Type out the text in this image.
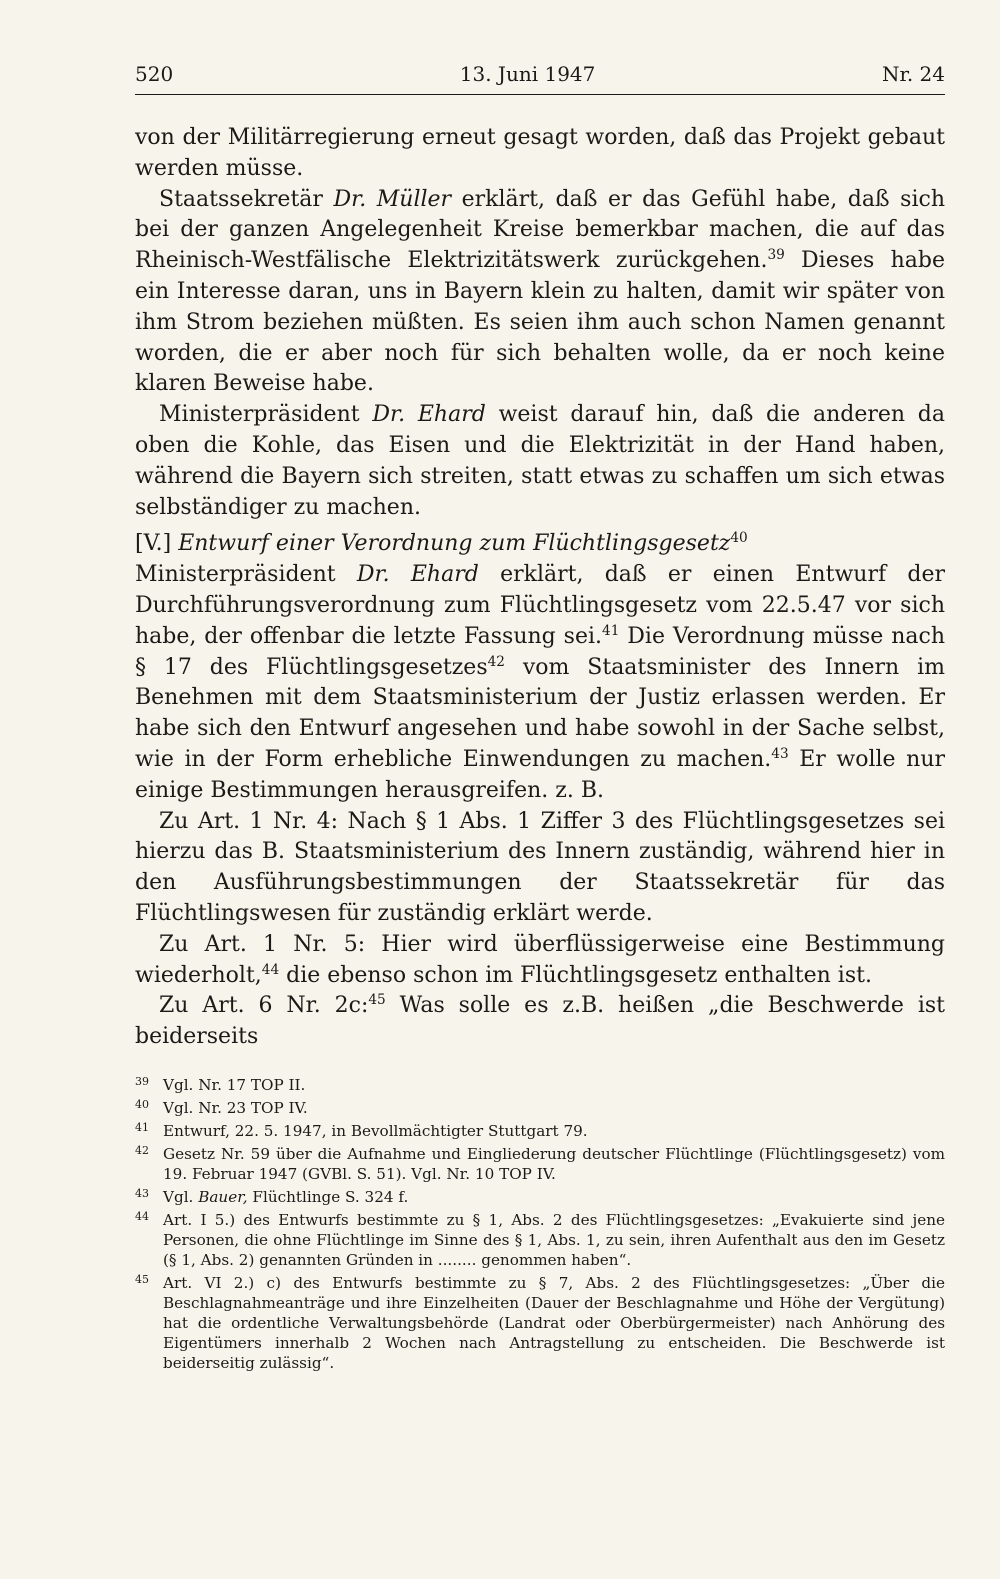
520	13. Juni 1947	Nr. 24

von der Militärregierung erneut gesagt worden, daß das Projekt gebaut werden müsse.

Staatssekretär Dr. Müller erklärt, daß er das Gefühl habe, daß sich bei der ganzen Angelegenheit Kreise bemerkbar machen, die auf das Rheinisch-Westfälische Elektrizitätswerk zurückgehen.$^{39}$ Dieses habe ein Interesse daran, uns in Bayern klein zu halten, damit wir später von ihm Strom beziehen müßten. Es seien ihm auch schon Namen genannt worden, die er aber noch für sich behalten wolle, da er noch keine klaren Beweise habe.

Ministerpräsident Dr. Ehard weist darauf hin, daß die anderen da oben die Kohle, das Eisen und die Elektrizität in der Hand haben, während die Bayern sich streiten, statt etwas zu schaffen um sich etwas selbständiger zu machen.

[V.] Entwurf einer Verordnung zum Flüchtlingsgesetz$^{40}$

Ministerpräsident Dr. Ehard erklärt, daß er einen Entwurf der Durchführungsverordnung zum Flüchtlingsgesetz vom 22.5.47 vor sich habe, der offenbar die letzte Fassung sei.$^{41}$ Die Verordnung müsse nach § 17 des Flüchtlingsgesetzes$^{42}$ vom Staatsminister des Innern im Benehmen mit dem Staatsministerium der Justiz erlassen werden. Er habe sich den Entwurf angesehen und habe sowohl in der Sache selbst, wie in der Form erhebliche Einwendungen zu machen.$^{43}$ Er wolle nur einige Bestimmungen herausgreifen. z. B.

Zu Art. 1 Nr. 4: Nach § 1 Abs. 1 Ziffer 3 des Flüchtlingsgesetzes sei hierzu das B. Staatsministerium des Innern zuständig, während hier in den Ausführungsbestimmungen der Staatssekretär für das Flüchtlingswesen für zuständig erklärt werde.

Zu Art. 1 Nr. 5: Hier wird überflüssigerweise eine Bestimmung wiederholt,$^{44}$ die ebenso schon im Flüchtlingsgesetz enthalten ist.

Zu Art. 6 Nr. 2c:$^{45}$ Was solle es z.B. heißen „die Beschwerde ist beiderseits

39 Vgl. Nr. 17 TOP II.
40 Vgl. Nr. 23 TOP IV.
41 Entwurf, 22. 5. 1947, in Bevollmächtigter Stuttgart 79.
42 Gesetz Nr. 59 über die Aufnahme und Eingliederung deutscher Flüchtlinge (Flüchtlingsgesetz) vom 19. Februar 1947 (GVBl. S. 51). Vgl. Nr. 10 TOP IV.
43 Vgl. Bauer, Flüchtlinge S. 324 f.
44 Art. I 5.) des Entwurfs bestimmte zu § 1, Abs. 2 des Flüchtlingsgesetzes: „Evakuierte sind jene Personen, die ohne Flüchtlinge im Sinne des § 1, Abs. 1, zu sein, ihren Aufenthalt aus den im Gesetz (§ 1, Abs. 2) genannten Gründen in ........ genommen haben“.
45 Art. VI 2.) c) des Entwurfs bestimmte zu § 7, Abs. 2 des Flüchtlingsgesetzes: „Über die Beschlagnahmeanträge und ihre Einzelheiten (Dauer der Beschlagnahme und Höhe der Vergütung) hat die ordentliche Verwaltungsbehörde (Landrat oder Oberbürgermeister) nach Anhörung des Eigentümers innerhalb 2 Wochen nach Antragstellung zu entscheiden. Die Beschwerde ist beiderseitig zulässig“.
